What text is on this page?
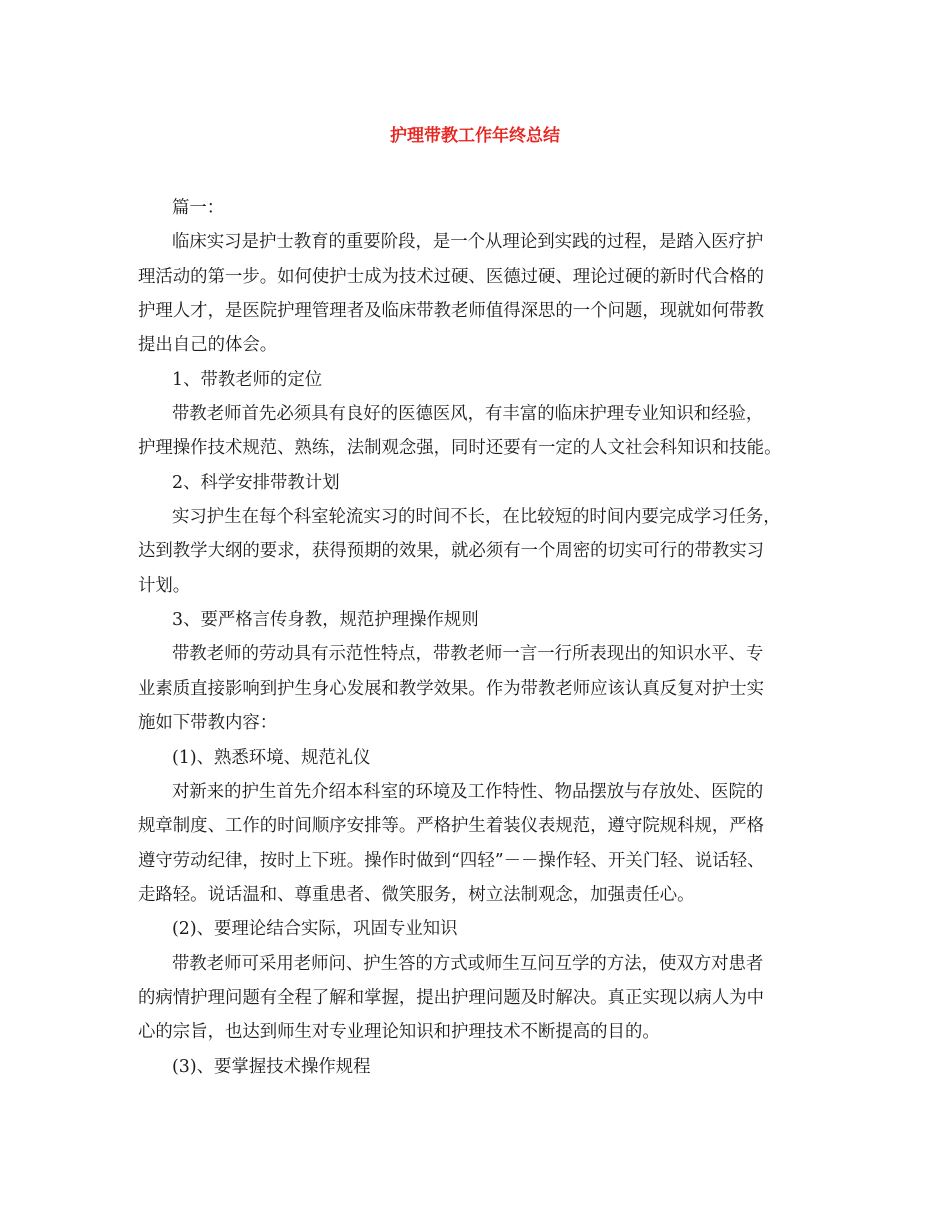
护理带教工作年终总结
篇一：
临床实习是护士教育的重要阶段，是一个从理论到实践的过程，是踏入医疗护
理活动的第一步。如何使护士成为技术过硬、医德过硬、理论过硬的新时代合格的
护理人才，是医院护理管理者及临床带教老师值得深思的一个问题，现就如何带教
提出自己的体会。
1、带教老师的定位
带教老师首先必须具有良好的医德医风，有丰富的临床护理专业知识和经验，
护理操作技术规范、熟练，法制观念强，同时还要有一定的人文社会科知识和技能。
2、科学安排带教计划
实习护生在每个科室轮流实习的时间不长，在比较短的时间内要完成学习任务，
达到教学大纲的要求，获得预期的效果，就必须有一个周密的切实可行的带教实习
计划。
3、要严格言传身教，规范护理操作规则
带教老师的劳动具有示范性特点，带教老师一言一行所表现出的知识水平、专
业素质直接影响到护生身心发展和教学效果。作为带教老师应该认真反复对护士实
施如下带教内容：
(1)、熟悉环境、规范礼仪
对新来的护生首先介绍本科室的环境及工作特性、物品摆放与存放处、医院的
规章制度、工作的时间顺序安排等。严格护生着装仪表规范，遵守院规科规，严格
遵守劳动纪律，按时上下班。操作时做到“四轻”－－操作轻、开关门轻、说话轻、
走路轻。说话温和、尊重患者、微笑服务，树立法制观念，加强责任心。
(2)、要理论结合实际，巩固专业知识
带教老师可采用老师问、护生答的方式或师生互问互学的方法，使双方对患者
的病情护理问题有全程了解和掌握，提出护理问题及时解决。真正实现以病人为中
心的宗旨，也达到师生对专业理论知识和护理技术不断提高的目的。
(3)、要掌握技术操作规程
